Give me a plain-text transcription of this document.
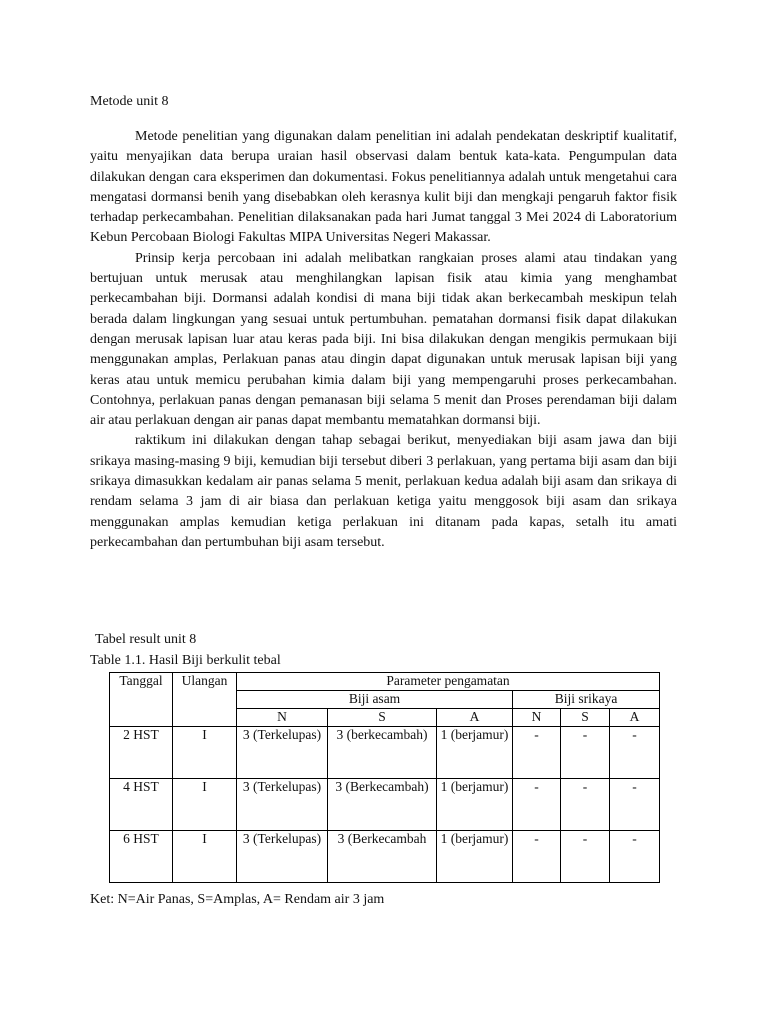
Metode unit 8

Metode penelitian yang digunakan dalam penelitian ini adalah pendekatan deskriptif kualitatif, yaitu menyajikan data berupa uraian hasil observasi dalam bentuk kata-kata. Pengumpulan data dilakukan dengan cara eksperimen dan dokumentasi. Fokus penelitiannya adalah untuk mengetahui cara mengatasi dormansi benih yang disebabkan oleh kerasnya kulit biji dan mengkaji pengaruh faktor fisik terhadap perkecambahan. Penelitian dilaksanakan pada hari Jumat tanggal 3 Mei 2024 di Laboratorium Kebun Percobaan Biologi Fakultas MIPA Universitas Negeri Makassar.

Prinsip kerja percobaan ini adalah melibatkan rangkaian proses alami atau tindakan yang bertujuan untuk merusak atau menghilangkan lapisan fisik atau kimia yang menghambat perkecambahan biji. Dormansi adalah kondisi di mana biji tidak akan berkecambah meskipun telah berada dalam lingkungan yang sesuai untuk pertumbuhan. pematahan dormansi fisik dapat dilakukan dengan merusak lapisan luar atau keras pada biji. Ini bisa dilakukan dengan mengikis permukaan biji menggunakan amplas, Perlakuan panas atau dingin dapat digunakan untuk merusak lapisan biji yang keras atau untuk memicu perubahan kimia dalam biji yang mempengaruhi proses perkecambahan. Contohnya, perlakuan panas dengan pemanasan biji selama 5 menit dan Proses perendaman biji dalam air atau perlakuan dengan air panas dapat membantu mematahkan dormansi biji.

raktikum ini dilakukan dengan tahap sebagai berikut, menyediakan biji asam jawa dan biji srikaya masing-masing 9 biji, kemudian biji tersebut diberi 3 perlakuan, yang pertama biji asam dan biji srikaya dimasukkan kedalam air panas selama 5 menit, perlakuan kedua adalah biji asam dan srikaya di rendam selama 3 jam di air biasa dan perlakuan ketiga yaitu menggosok biji asam dan srikaya menggunakan amplas kemudian ketiga perlakuan ini ditanam pada kapas, setalh itu amati perkecambahan dan pertumbuhan biji asam tersebut.

Tabel result unit 8
Table 1.1. Hasil Biji berkulit tebal
Tanggal	Ulangan	Parameter pengamatan					
		Biji asam			Biji srikaya		
		N	S	A	N	S	A
2 HST	I	3 (Terkelupas)	3 (berkecambah)	1 (berjamur)	-	-	-
4 HST	I	3 (Terkelupas)	3 (Berkecambah)	1 (berjamur)	-	-	-
6 HST	I	3 (Terkelupas)	3 (Berkecambah	1 (berjamur)	-	-	-
Ket: N=Air Panas, S=Amplas, A= Rendam air 3 jam
